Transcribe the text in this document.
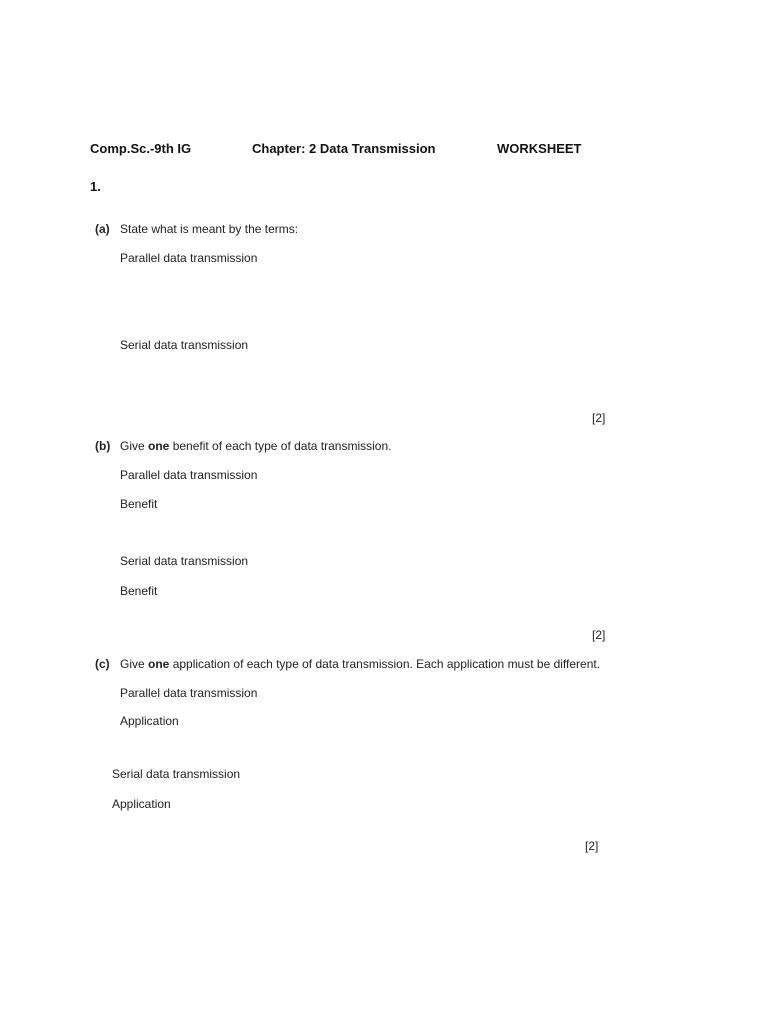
Comp.Sc.-9th IG	Chapter: 2 Data Transmission	WORKSHEET
1.
(a) State what is meant by the terms:
Parallel data transmission
Serial data transmission
[2]
(b) Give one benefit of each type of data transmission.
Parallel data transmission
Benefit
Serial data transmission
Benefit
[2]
(c) Give one application of each type of data transmission. Each application must be different.
Parallel data transmission
Application
Serial data transmission
Application
[2]
